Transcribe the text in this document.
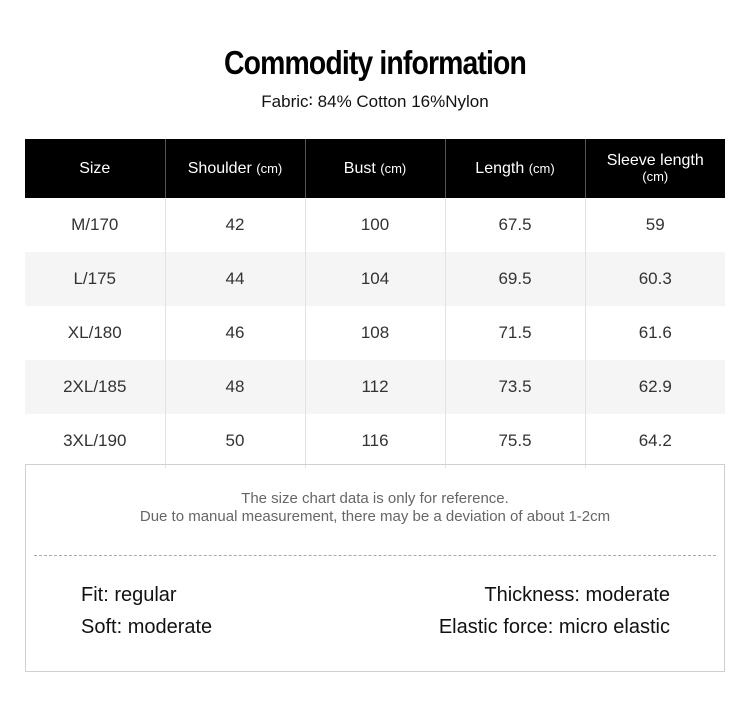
Commodity information
Fabric∶ 84% Cotton 16%Nylon
Size	Shoulder (cm)	Bust (cm)	Length (cm)	Sleeve length
(cm)

M/170	42	100	67.5	59
L/175	44	104	69.5	60.3
XL/180	46	108	71.5	61.6
2XL/185	48	112	73.5	62.9
3XL/190	50	116	75.5	64.2
The size chart data is only for reference.
Due to manual measurement, there may be a deviation of about 1-2cm
Fit: regular
Soft: moderate
Thickness: moderate
Elastic force: micro elastic
